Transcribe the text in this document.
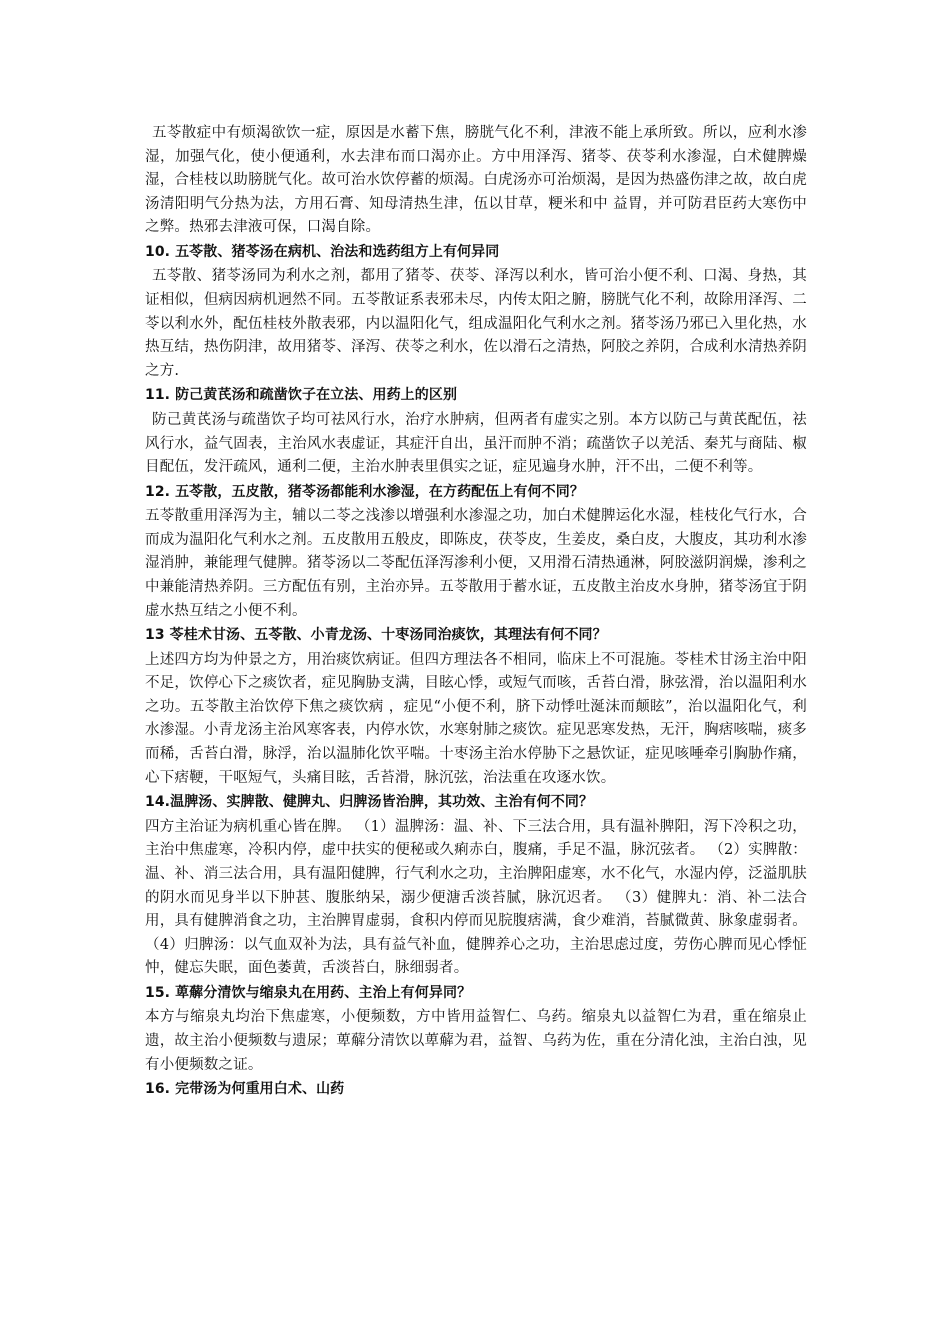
五苓散症中有烦渴欲饮一症，原因是水蓄下焦，膀胱气化不利，津液不能上承所致。所以，应利水渗湿，加强气化，使小便通利，水去津布而口渴亦止。方中用泽泻、猪苓、茯苓利水渗湿，白术健脾燥湿，合桂枝以助膀胱气化。故可治水饮停蓄的烦渴。白虎汤亦可治烦渴，是因为热盛伤津之故，故白虎汤清阳明气分热为法，方用石膏、知母清热生津，伍以甘草，粳米和中 益胃，并可防君臣药大寒伤中之弊。热邪去津液可保，口渴自除。

10. 五苓散、猪苓汤在病机、治法和选药组方上有何异同

五苓散、猪苓汤同为利水之剂，都用了猪苓、茯苓、泽泻以利水，皆可治小便不利、口渴、身热，其证相似，但病因病机迥然不同。五苓散证系表邪未尽，内传太阳之腑，膀胱气化不利，故除用泽泻、二苓以利水外，配伍桂枝外散表邪，内以温阳化气，组成温阳化气利水之剂。猪苓汤乃邪已入里化热，水热互结，热伤阴津，故用猪苓、泽泻、茯苓之利水，佐以滑石之清热，阿胶之养阴，合成利水清热养阴之方.

11. 防己黄芪汤和疏凿饮子在立法、用药上的区别

防己黄芪汤与疏凿饮子均可祛风行水，治疗水肿病，但两者有虚实之别。本方以防己与黄芪配伍，祛风行水，益气固表，主治风水表虚证，其症汗自出，虽汗而肿不消；疏凿饮子以羌活、秦艽与商陆、椒目配伍，发汗疏风，通利二便，主治水肿表里俱实之证，症见遍身水肿，汗不出，二便不利等。

12. 五苓散，五皮散，猪苓汤都能利水渗湿，在方药配伍上有何不同？

五苓散重用泽泻为主，辅以二苓之浅渗以增强利水渗湿之功，加白术健脾运化水湿，桂枝化气行水，合而成为温阳化气利水之剂。五皮散用五般皮，即陈皮，茯苓皮，生姜皮，桑白皮，大腹皮，其功利水渗湿消肿，兼能理气健脾。猪苓汤以二苓配伍泽泻渗利小便，又用滑石清热通淋，阿胶滋阴润燥，渗利之中兼能清热养阴。三方配伍有别，主治亦异。五苓散用于蓄水证，五皮散主治皮水身肿，猪苓汤宜于阴虚水热互结之小便不利。

13 苓桂术甘汤、五苓散、小青龙汤、十枣汤同治痰饮，其理法有何不同？

上述四方均为仲景之方，用治痰饮病证。但四方理法各不相同，临床上不可混施。苓桂术甘汤主治中阳不足，饮停心下之痰饮者，症见胸胁支满，目眩心悸，或短气而咳，舌苔白滑，脉弦滑，治以温阳利水之功。五苓散主治饮停下焦之痰饮病 ，症见“小便不利，脐下动悸吐涎沫而颠眩”，治以温阳化气，利水渗湿。小青龙汤主治风寒客表，内停水饮，水寒射肺之痰饮。症见恶寒发热，无汗，胸痞咳喘，痰多而稀，舌苔白滑，脉浮，治以温肺化饮平喘。十枣汤主治水停胁下之悬饮证，症见咳唾牵引胸胁作痛，心下痞鞕，干呕短气，头痛目眩，舌苔滑，脉沉弦，治法重在攻逐水饮。

14.温脾汤、实脾散、健脾丸、归脾汤皆治脾，其功效、主治有何不同？

四方主治证为病机重心皆在脾。 （1）温脾汤：温、补、下三法合用，具有温补脾阳，泻下冷积之功，主治中焦虚寒，冷积内停，虚中扶实的便秘或久痢赤白，腹痛，手足不温，脉沉弦者。 （2）实脾散：温、补、消三法合用，具有温阳健脾，行气利水之功，主治脾阳虚寒，水不化气，水湿内停，泛溢肌肤的阴水而见身半以下肿甚、腹胀纳呆，溺少便溏舌淡苔腻，脉沉迟者。 （3）健脾丸：消、补二法合用，具有健脾消食之功，主治脾胃虚弱，食积内停而见脘腹痞满，食少难消，苔腻微黄、脉象虚弱者。 （4）归脾汤：以气血双补为法，具有益气补血，健脾养心之功，主治思虑过度，劳伤心脾而见心悸怔忡，健忘失眠，面色萎黄，舌淡苔白，脉细弱者。

15. 萆薢分清饮与缩泉丸在用药、主治上有何异同？

本方与缩泉丸均治下焦虚寒，小便频数，方中皆用益智仁、乌药。缩泉丸以益智仁为君，重在缩泉止遗，故主治小便频数与遗尿；萆薢分清饮以萆薢为君，益智、乌药为佐，重在分清化浊，主治白浊，见有小便频数之证。

16. 完带汤为何重用白术、山药
